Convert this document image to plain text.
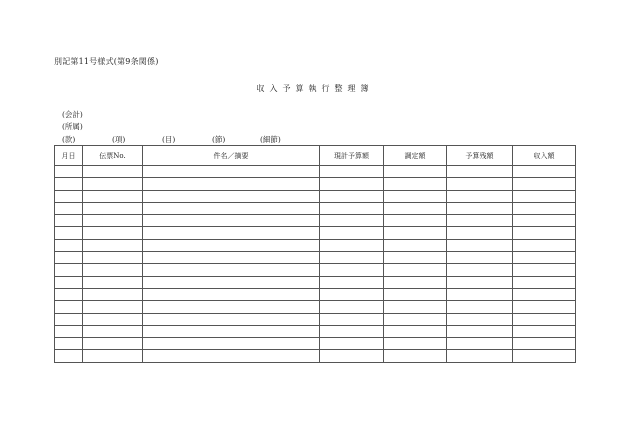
別記第11号様式(第9条関係)
収入予算執行整理簿
(会計)
(所属)
(款)	(項)	(目)	(節)	(細節)
月日	伝票No.	件名／摘要	現計予算額	調定額	予算残額	収入額
